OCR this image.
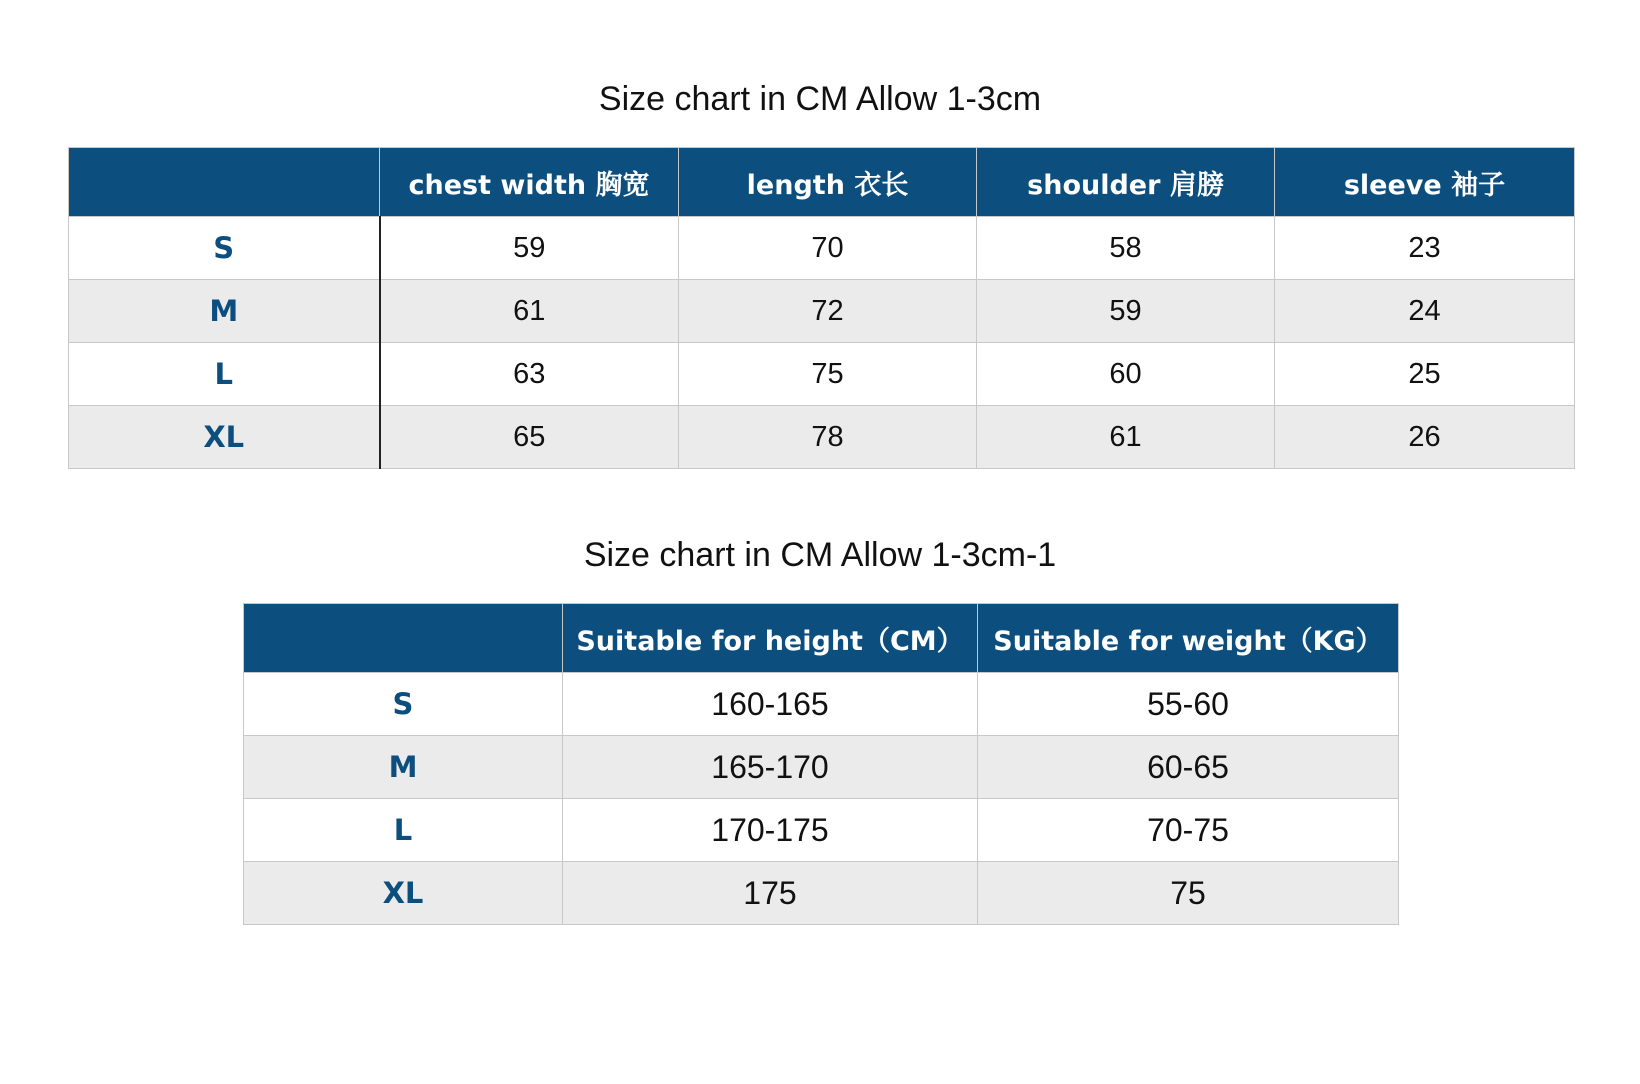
Size chart in CM Allow 1-3cm
	chest width 胸宽	length 衣长	shoulder 肩膀	sleeve 袖子
S	59	70	58	23
M	61	72	59	24
L	63	75	60	25
XL	65	78	61	26
Size chart in CM Allow 1-3cm-1
	Suitable for height（CM）	Suitable for weight（KG）
S	160-165	55-60
M	165-170	60-65
L	170-175	70-75
XL	175	75
